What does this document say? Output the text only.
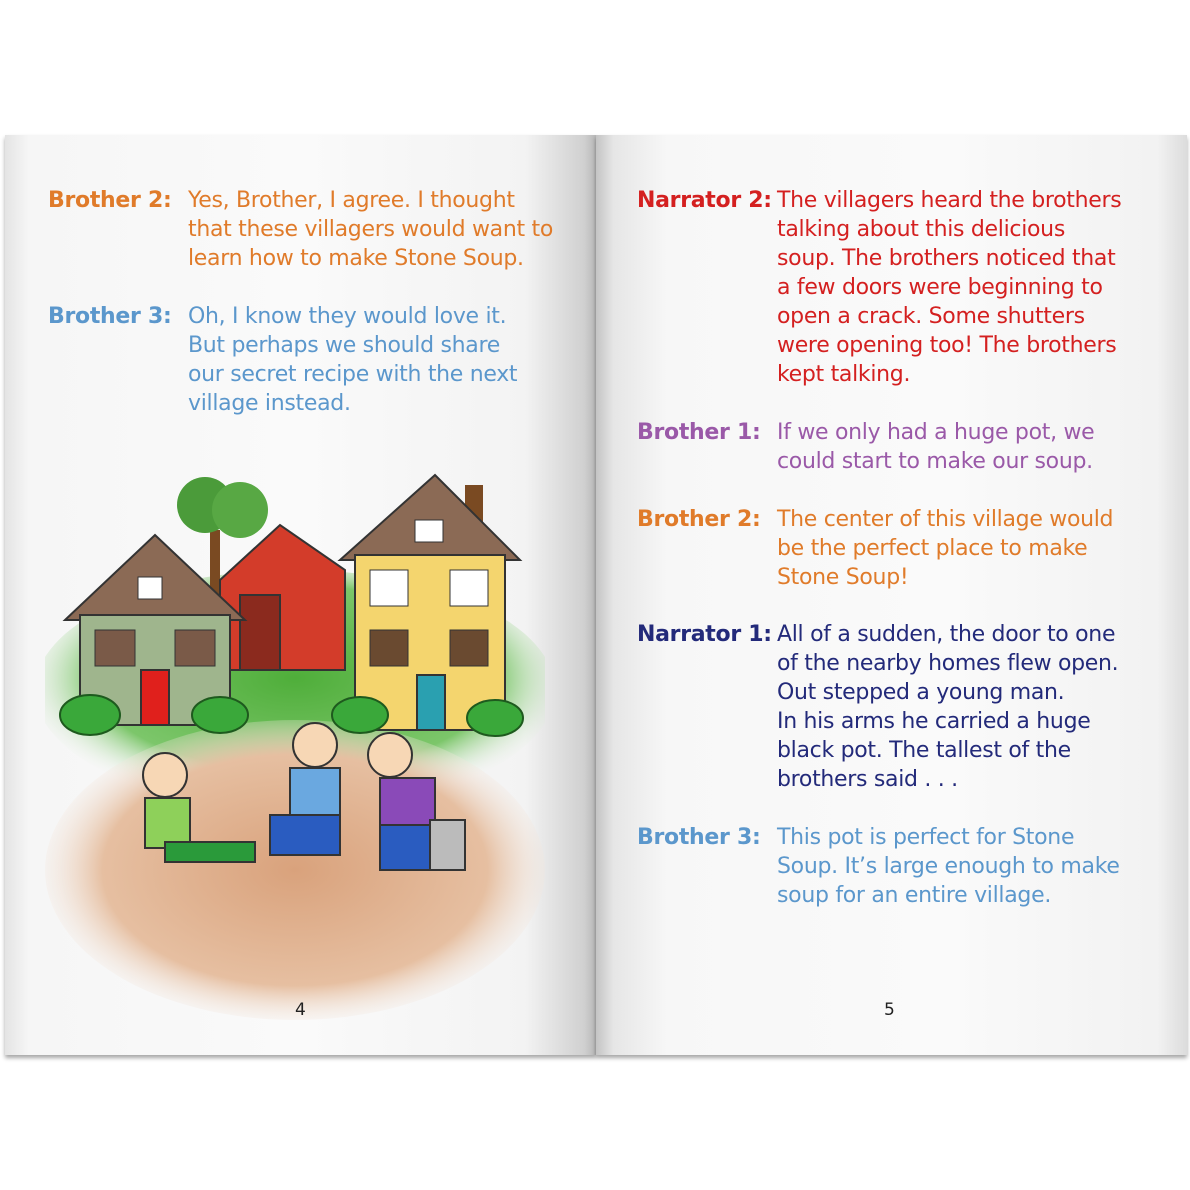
Brother 2: Yes, Brother, I agree. I thought
that these villagers would want to
learn how to make Stone Soup.
Brother 3: Oh, I know they would love it.
But perhaps we should share
our secret recipe with the next
village instead.
4
Narrator 2: The villagers heard the brothers
talking about this delicious
soup. The brothers noticed that
a few doors were beginning to
open a crack. Some shutters
were opening too! The brothers
kept talking.
Brother 1: If we only had a huge pot, we
could start to make our soup.
Brother 2: The center of this village would
be the perfect place to make
Stone Soup!
Narrator 1: All of a sudden, the door to one
of the nearby homes flew open.
Out stepped a young man.
In his arms he carried a huge
black pot. The tallest of the
brothers said . . .
Brother 3: This pot is perfect for Stone
Soup. It’s large enough to make
soup for an entire village.
5
